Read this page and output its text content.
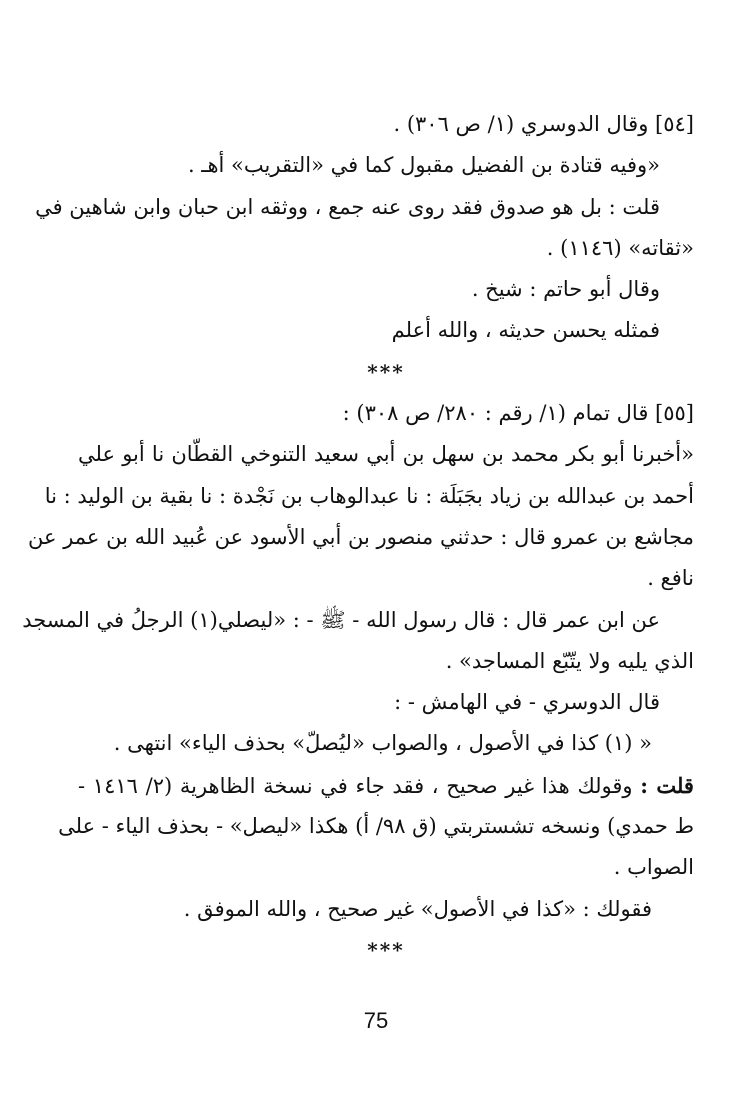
[٥٤] وقال الدوسري (١/ ص ٣٠٦) .
«وفيه قتادة بن الفضيل مقبول كما في «التقريب» أهـ .
قلت : بل هو صدوق فقد روى عنه جمع ، ووثقه ابن حبان وابن شاهين في
«ثقاته» (١١٤٦) .
وقال أبو حاتم : شيخ .
فمثله يحسن حديثه ، والله أعلم
***
[٥٥] قال تمام (١/ رقم : ٢٨٠/ ص ٣٠٨) :
«أخبرنا أبو بكر محمد بن سهل بن أبي سعيد التنوخي القطّان نا أبو علي
أحمد بن عبدالله بن زياد بجَبَلَة : نا عبدالوهاب بن نَجْدة : نا بقية بن الوليد : نا
مجاشع بن عمرو قال : حدثني منصور بن أبي الأسود عن عُبيد الله بن عمر عن
نافع .
عن ابن عمر قال : قال رسول الله - ﷺ - : «ليصلي(١) الرجلُ في المسجد
الذي يليه ولا يتّبّع المساجد» .
قال الدوسري - في الهامش - :
« (١) كذا في الأصول ، والصواب «ليُصلّ» بحذف الياء» انتهى .
قلت : وقولك هذا غير صحيح ، فقد جاء في نسخة الظاهرية (٢/ ١٤١٦ -
ط حمدي) ونسخه تشستربتي (ق ٩٨/ أ) هكذا «ليصل» - بحذف الياء - على
الصواب .
فقولك : «كذا في الأصول» غير صحيح ، والله الموفق .
***
75
